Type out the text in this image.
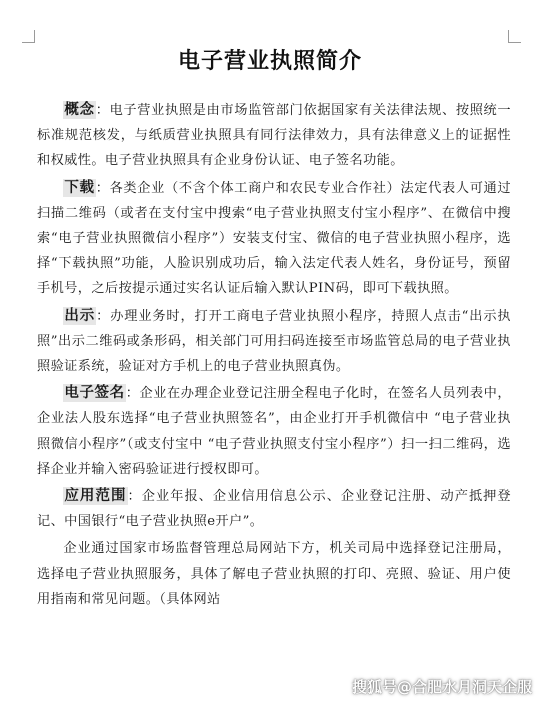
电子营业执照简介

概念：电子营业执照是由市场监管部门依据国家有关法律法规、按照统一标准规范核发，与纸质营业执照具有同行法律效力，具有法律意义上的证据性和权威性。电子营业执照具有企业身份认证、电子签名功能。

下载：各类企业（不含个体工商户和农民专业合作社）法定代表人可通过扫描二维码（或者在支付宝中搜索“电子营业执照支付宝小程序”、在微信中搜索“电子营业执照微信小程序”）安装支付宝、微信的电子营业执照小程序，选择“下载执照”功能，人脸识别成功后，输入法定代表人姓名，身份证号，预留手机号，之后按提示通过实名认证后输入默认PIN码，即可下载执照。

出示：办理业务时，打开工商电子营业执照小程序，持照人点击“出示执照”出示二维码或条形码，相关部门可用扫码连接至市场监管总局的电子营业执照验证系统，验证对方手机上的电子营业执照真伪。

电子签名：企业在办理企业登记注册全程电子化时，在签名人员列表中，企业法人股东选择“电子营业执照签名”，由企业打开手机微信中 “电子营业执照微信小程序”（或支付宝中 “电子营业执照支付宝小程序”）扫一扫二维码，选择企业并输入密码验证进行授权即可。

应用范围：企业年报、企业信用信息公示、企业登记注册、动产抵押登记、中国银行“电子营业执照e开户”。

企业通过国家市场监督管理总局网站下方，机关司局中选择登记注册局，选择电子营业执照服务，具体了解电子营业执照的打印、亮照、验证、用户使用指南和常见问题。（具体网站

搜狐号@合肥水月洞天企服
